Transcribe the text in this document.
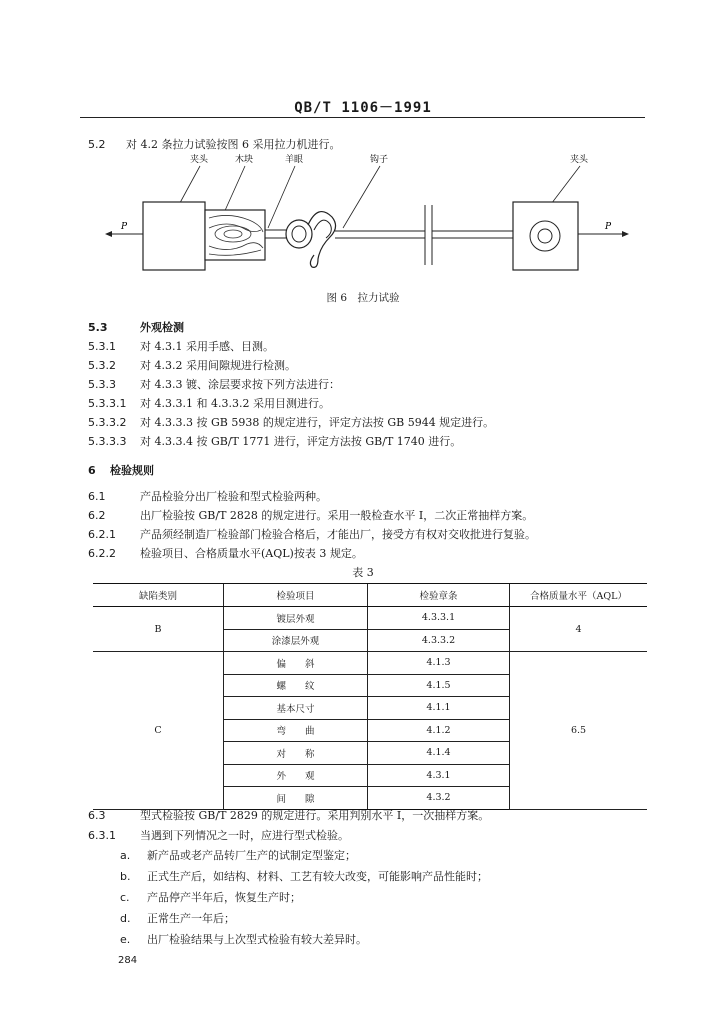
QB/T 1106－1991
5.2 对 4.2 条拉力试验按图 6 采用拉力机进行。
夹头	木块	羊眼	钩子	夹头
P	P
图 6　拉力试验
5.3	外观检测
5.3.1 对 4.3.1 采用手感、目测。
5.3.2 对 4.3.2 采用间隙规进行检测。
5.3.3 对 4.3.3 镀、涂层要求按下列方法进行：
5.3.3.1 对 4.3.3.1 和 4.3.3.2 采用目测进行。
5.3.3.2 对 4.3.3.3 按 GB 5938 的规定进行，评定方法按 GB 5944 规定进行。
5.3.3.3 对 4.3.3.4 按 GB/T 1771 进行，评定方法按 GB/T 1740 进行。
6 检验规则
6.1	产品检验分出厂检验和型式检验两种。
6.2	出厂检验按 GB/T 2828 的规定进行。采用一般检查水平 Ⅰ，二次正常抽样方案。
6.2.1 产品须经制造厂检验部门检验合格后，才能出厂，接受方有权对交收批进行复验。
6.2.2 检验项目、合格质量水平(AQL)按表 3 规定。
表 3
缺陷类别	检验项目	检验章条	合格质量水平（AQL）
B	镀层外观	4.3.3.1	4
	涂漆层外观	4.3.3.2	
C	偏　　斜	4.1.3	6.5
	螺　　纹	4.1.5	
	基本尺寸	4.1.1	
	弯　　曲	4.1.2	
	对　　称	4.1.4	
	外　　观	4.3.1	
	间　　隙	4.3.2	
6.3	型式检验按 GB/T 2829 的规定进行。采用判别水平 Ⅰ，一次抽样方案。
6.3.1 当遇到下列情况之一时，应进行型式检验。
a. 新产品或老产品转厂生产的试制定型鉴定；
b. 正式生产后，如结构、材料、工艺有较大改变，可能影响产品性能时；
c. 产品停产半年后，恢复生产时；
d. 正常生产一年后；
e. 出厂检验结果与上次型式检验有较大差异时。
284
